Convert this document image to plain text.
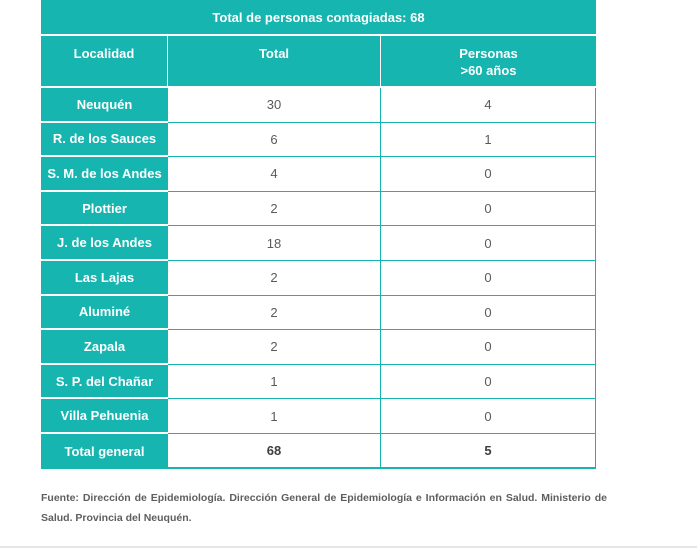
Total de personas contagiadas: 68
Localidad	Total	Personas
>60 años
Neuquén	30	4
R. de los Sauces	6	1
S. M. de los Andes	4	0
Plottier	2	0
J. de los Andes	18	0
Las Lajas	2	0
Aluminé	2	0
Zapala	2	0
S. P. del Chañar	1	0
Villa Pehuenia	1	0
Total general	68	5
Fuente: Dirección de Epidemiología. Dirección General de Epidemiología e Información en Salud. Ministerio de Salud. Provincia del Neuquén.
